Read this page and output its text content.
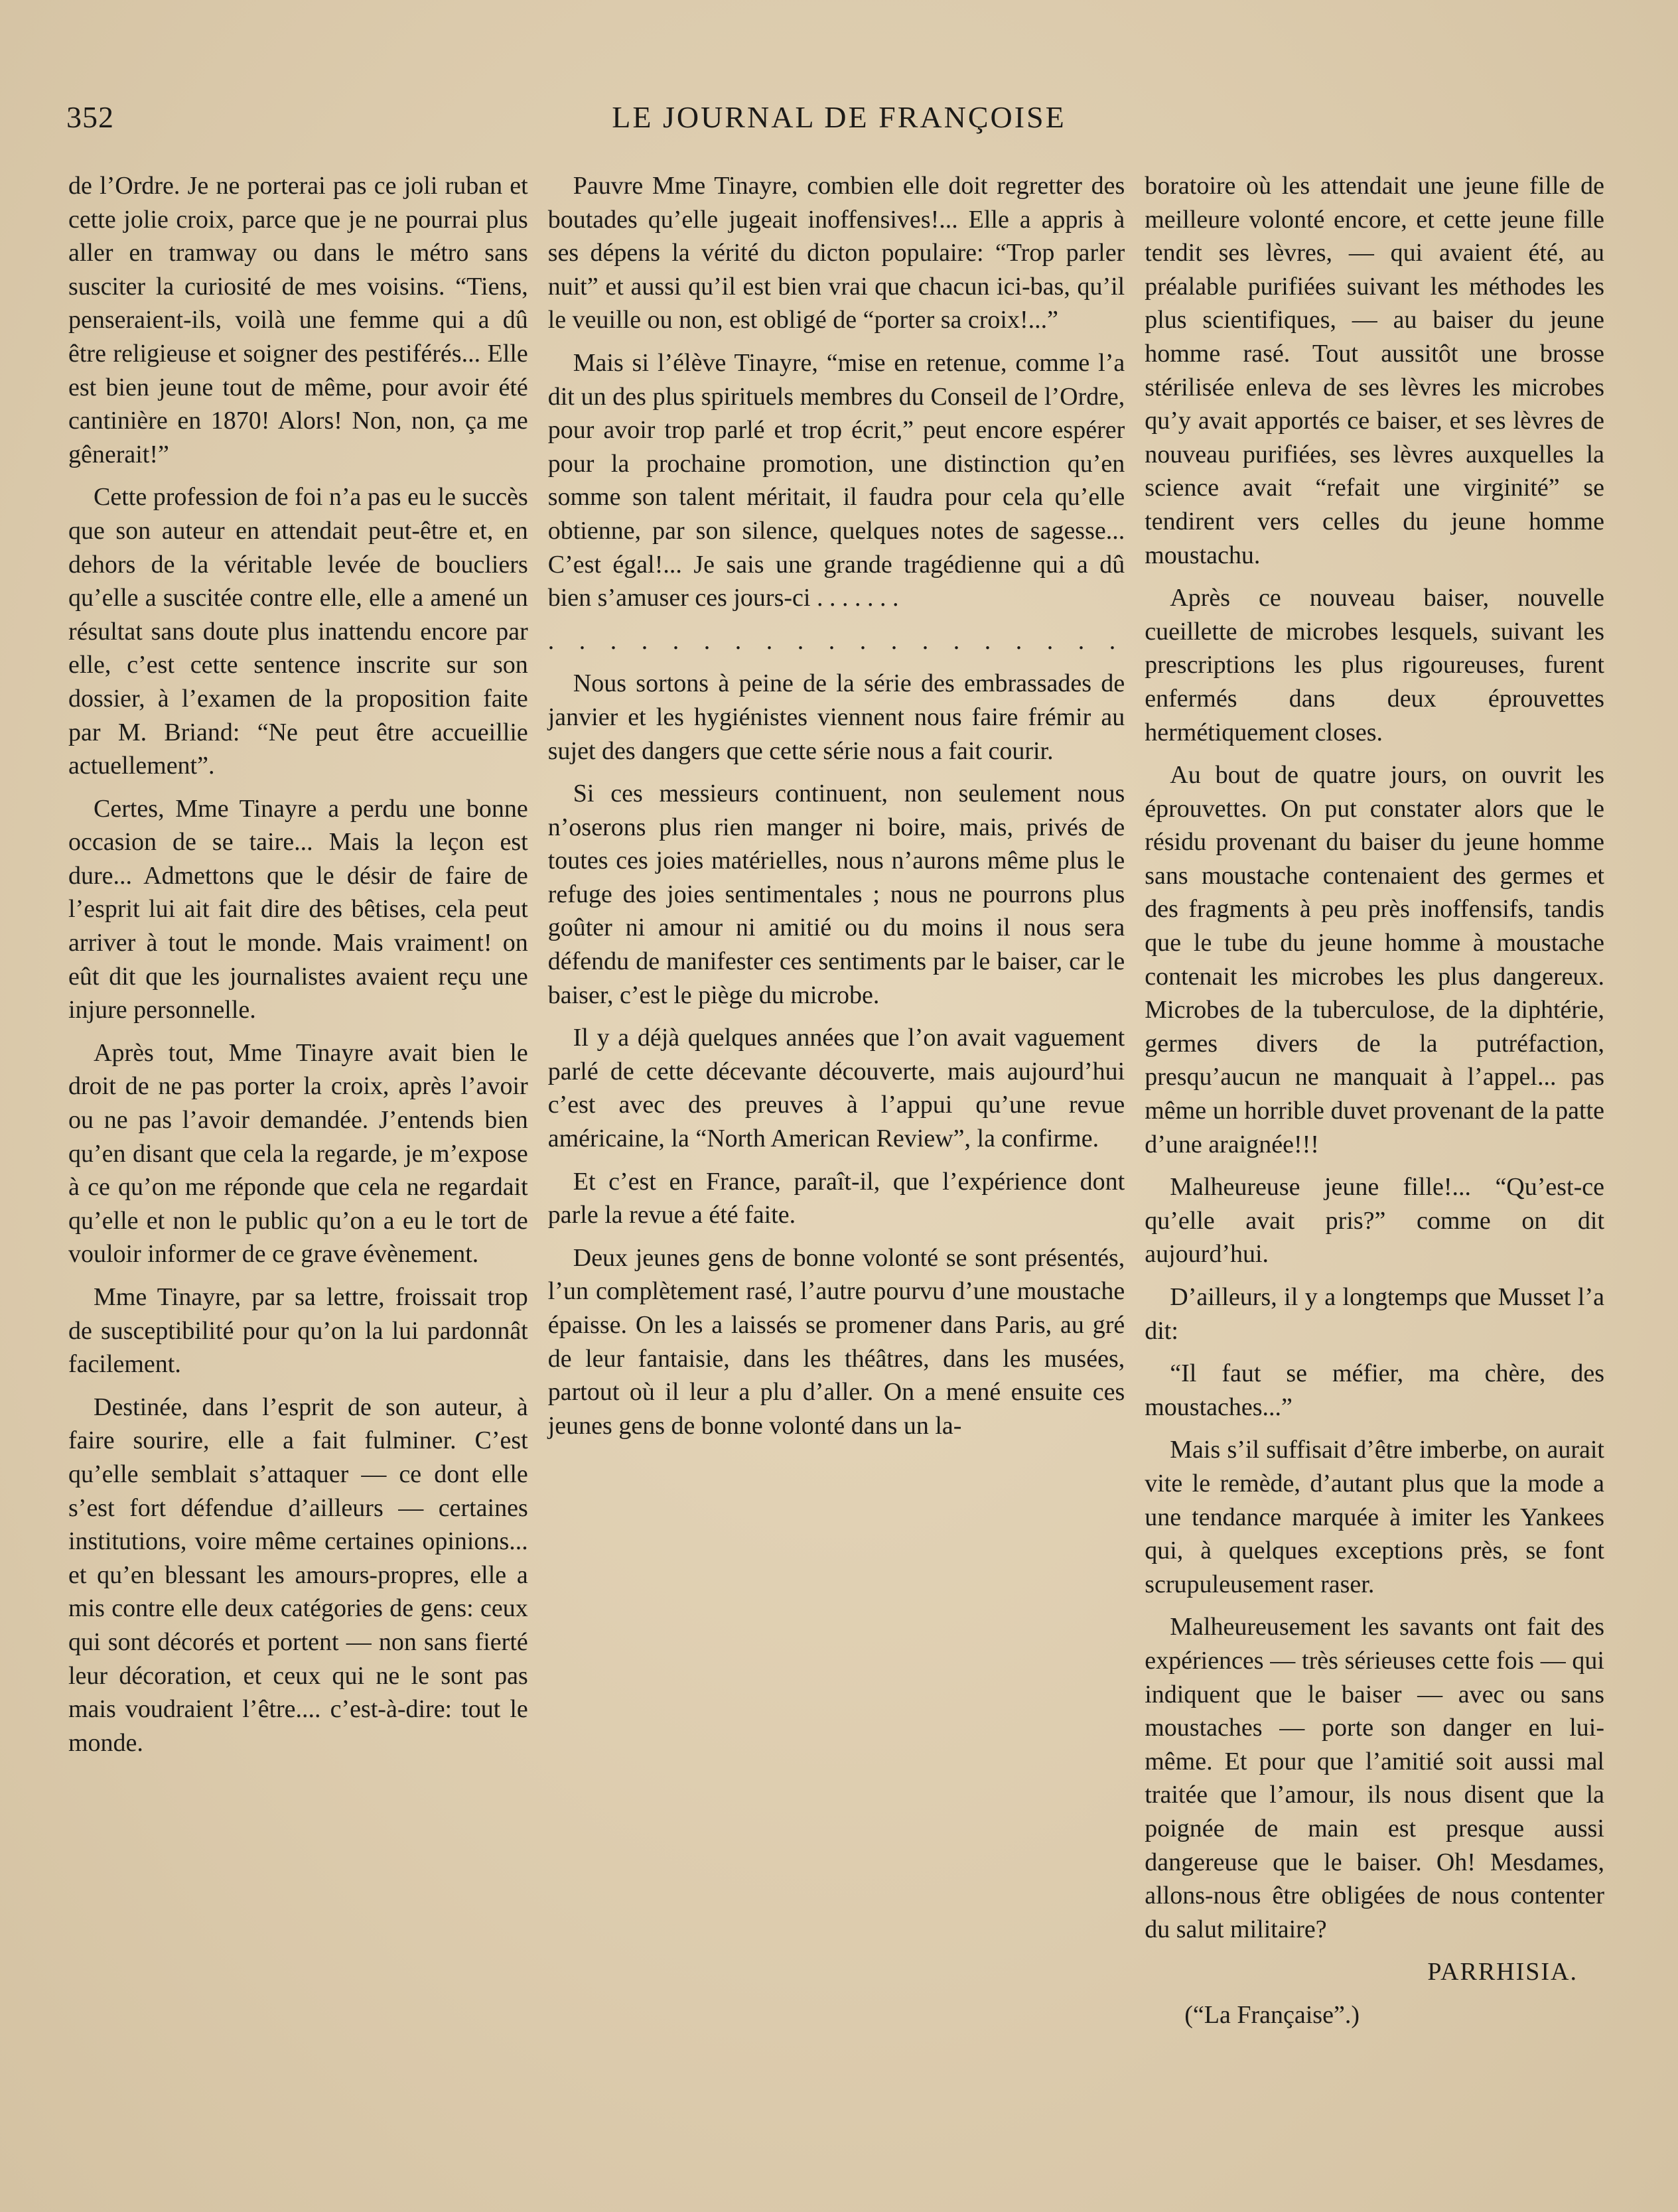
352	LE JOURNAL DE FRANÇOISE

de l’Ordre. Je ne porterai pas ce joli ruban et cette jolie croix, parce que je ne pourrai plus aller en tramway ou dans le métro sans susciter la curiosité de mes voisins. “Tiens, penseraient-ils, voilà une femme qui a dû être religieuse et soigner des pestiférés... Elle est bien jeune tout de même, pour avoir été cantinière en 1870! Alors! Non, non, ça me gênerait!”

Cette profession de foi n’a pas eu le succès que son auteur en attendait peut-être et, en dehors de la véritable levée de boucliers qu’elle a suscitée contre elle, elle a amené un résultat sans doute plus inattendu encore par elle, c’est cette sentence inscrite sur son dossier, à l’examen de la proposition faite par M. Briand: “Ne peut être accueillie actuellement”.

Certes, Mme Tinayre a perdu une bonne occasion de se taire... Mais la leçon est dure... Admettons que le désir de faire de l’esprit lui ait fait dire des bêtises, cela peut arriver à tout le monde. Mais vraiment! on eût dit que les journalistes avaient reçu une injure personnelle.

Après tout, Mme Tinayre avait bien le droit de ne pas porter la croix, après l’avoir ou ne pas l’avoir demandée. J’entends bien qu’en disant que cela la regarde, je m’expose à ce qu’on me réponde que cela ne regardait qu’elle et non le public qu’on a eu le tort de vouloir informer de ce grave évènement.

Mme Tinayre, par sa lettre, froissait trop de susceptibilité pour qu’on la lui pardonnât facilement.

Destinée, dans l’esprit de son auteur, à faire sourire, elle a fait fulminer. C’est qu’elle semblait s’attaquer — ce dont elle s’est fort défendue d’ailleurs — certaines institutions, voire même certaines opinions... et qu’en blessant les amours-propres, elle a mis contre elle deux catégories de gens: ceux qui sont décorés et portent — non sans fierté leur décoration, et ceux qui ne le sont pas mais voudraient l’être.... c’est-à-dire: tout le monde.

Pauvre Mme Tinayre, combien elle doit regretter des boutades qu’elle jugeait inoffensives!... Elle a appris à ses dépens la vérité du dicton populaire: “Trop parler nuit” et aussi qu’il est bien vrai que chacun ici-bas, qu’il le veuille ou non, est obligé de “porter sa croix!...”

Mais si l’élève Tinayre, “mise en retenue, comme l’a dit un des plus spirituels membres du Conseil de l’Ordre, pour avoir trop parlé et trop écrit,” peut encore espérer pour la prochaine promotion, une distinction qu’en somme son talent méritait, il faudra pour cela qu’elle obtienne, par son silence, quelques notes de sagesse... C’est égal!... Je sais une grande tragédienne qui a dû bien s’amuser ces jours-ci . . . . . . .

. . . . . . . . . . . . . . . . . . .

Nous sortons à peine de la série des embrassades de janvier et les hygiénistes viennent nous faire frémir au sujet des dangers que cette série nous a fait courir.

Si ces messieurs continuent, non seulement nous n’oserons plus rien manger ni boire, mais, privés de toutes ces joies matérielles, nous n’aurons même plus le refuge des joies sentimentales ; nous ne pourrons plus goûter ni amour ni amitié ou du moins il nous sera défendu de manifester ces sentiments par le baiser, car le baiser, c’est le piège du microbe.

Il y a déjà quelques années que l’on avait vaguement parlé de cette décevante découverte, mais aujourd’hui c’est avec des preuves à l’appui qu’une revue américaine, la “North American Review”, la confirme.

Et c’est en France, paraît-il, que l’expérience dont parle la revue a été faite.

Deux jeunes gens de bonne volonté se sont présentés, l’un complètement rasé, l’autre pourvu d’une moustache épaisse. On les a laissés se promener dans Paris, au gré de leur fantaisie, dans les théâtres, dans les musées, partout où il leur a plu d’aller. On a mené ensuite ces jeunes gens de bonne volonté dans un la-

boratoire où les attendait une jeune fille de meilleure volonté encore, et cette jeune fille tendit ses lèvres, — qui avaient été, au préalable purifiées suivant les méthodes les plus scientifiques, — au baiser du jeune homme rasé. Tout aussitôt une brosse stérilisée enleva de ses lèvres les microbes qu’y avait apportés ce baiser, et ses lèvres de nouveau purifiées, ses lèvres auxquelles la science avait “refait une virginité” se tendirent vers celles du jeune homme moustachu.

Après ce nouveau baiser, nouvelle cueillette de microbes lesquels, suivant les prescriptions les plus rigoureuses, furent enfermés dans deux éprouvettes hermétiquement closes.

Au bout de quatre jours, on ouvrit les éprouvettes. On put constater alors que le résidu provenant du baiser du jeune homme sans moustache contenaient des germes et des fragments à peu près inoffensifs, tandis que le tube du jeune homme à moustache contenait les microbes les plus dangereux. Microbes de la tuberculose, de la diphtérie, germes divers de la putréfaction, presqu’aucun ne manquait à l’appel... pas même un horrible duvet provenant de la patte d’une araignée!!!

Malheureuse jeune fille!... “Qu’est-ce qu’elle avait pris?” comme on dit aujourd’hui.

D’ailleurs, il y a longtemps que Musset l’a dit:

“Il faut se méfier, ma chère, des moustaches...”

Mais s’il suffisait d’être imberbe, on aurait vite le remède, d’autant plus que la mode a une tendance marquée à imiter les Yankees qui, à quelques exceptions près, se font scrupuleusement raser.

Malheureusement les savants ont fait des expériences — très sérieuses cette fois — qui indiquent que le baiser — avec ou sans moustaches — porte son danger en lui-même. Et pour que l’amitié soit aussi mal traitée que l’amour, ils nous disent que la poignée de main est presque aussi dangereuse que le baiser. Oh! Mesdames, allons-nous être obligées de nous contenter du salut militaire?

PARRHISIA.

(“La Française”.)
